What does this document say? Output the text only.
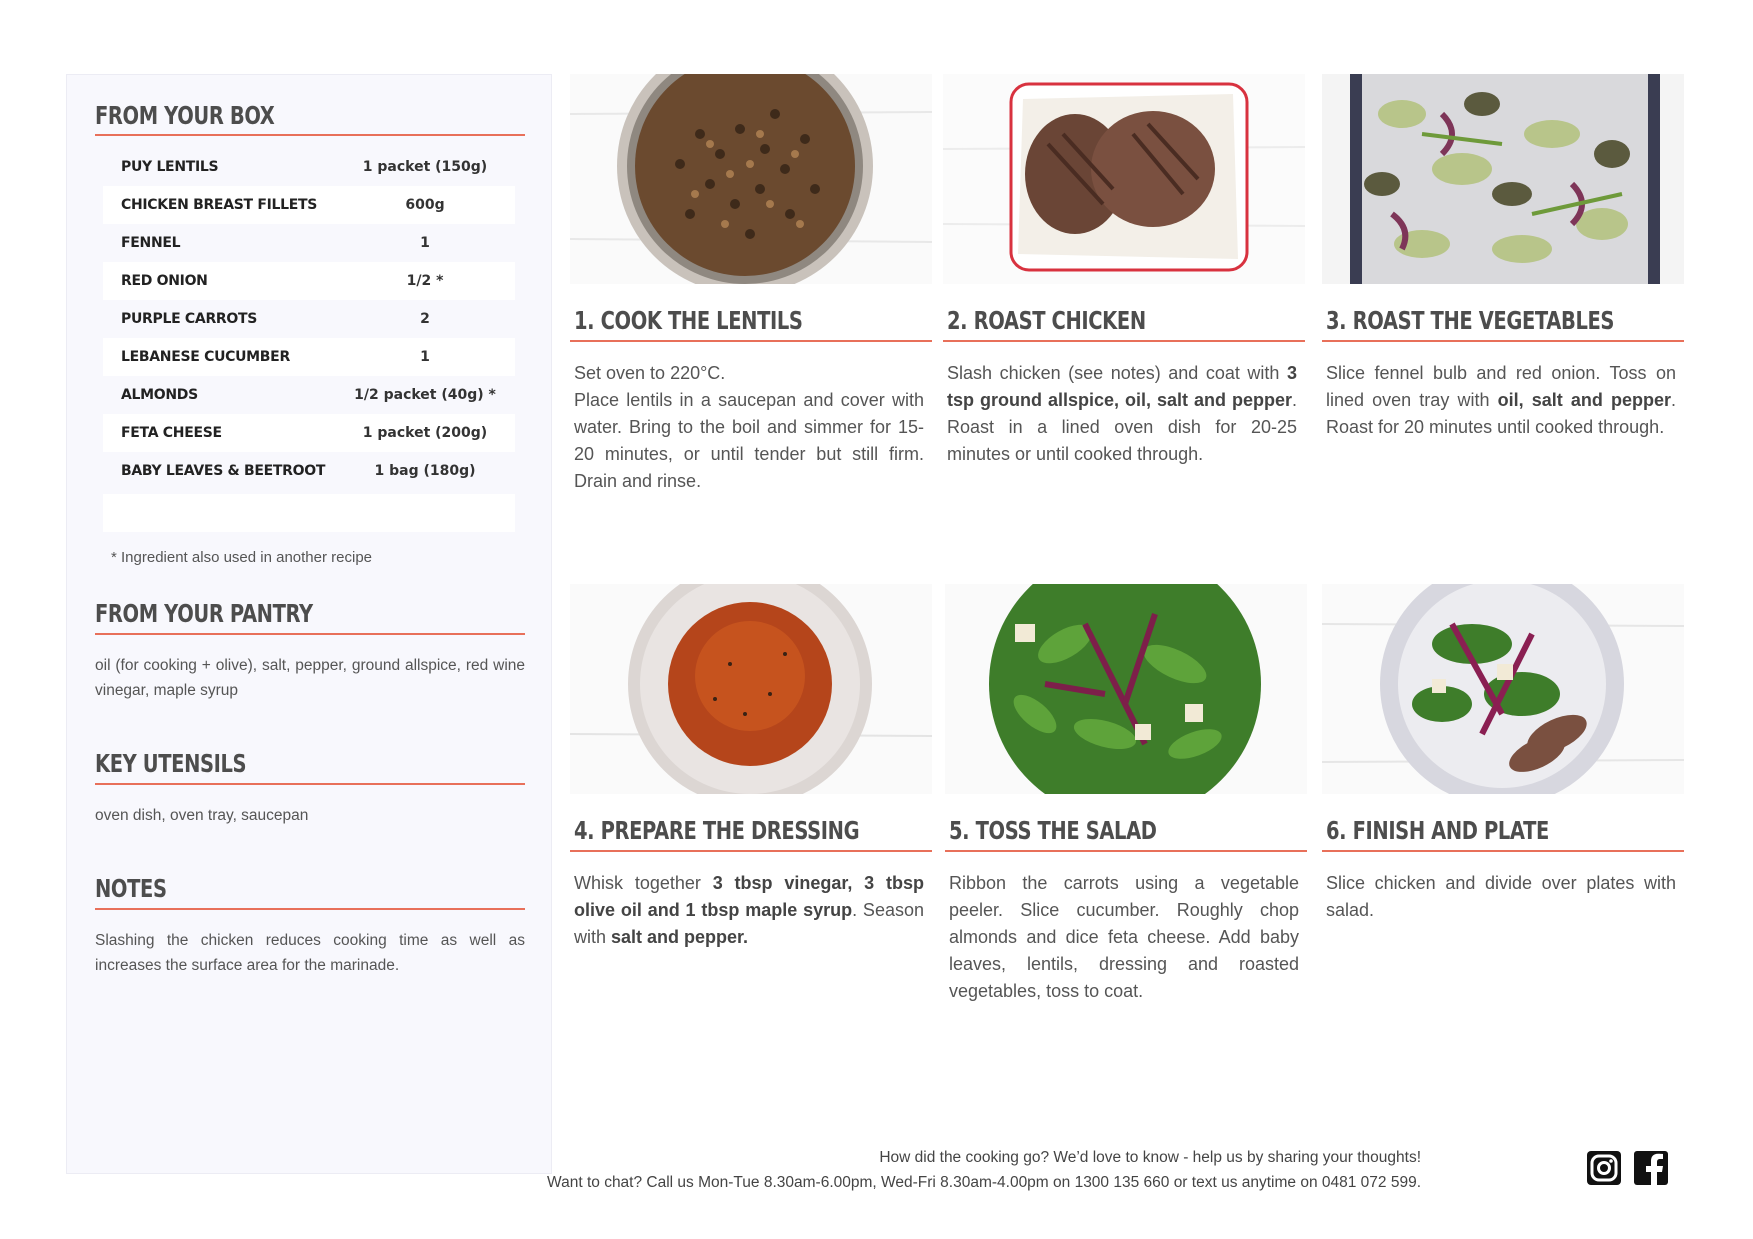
FROM YOUR BOX
PUY LENTILS	1 packet (150g)
CHICKEN BREAST FILLETS	600g
FENNEL	1
RED ONION	1/2 *
PURPLE CARROTS	2
LEBANESE CUCUMBER	1
ALMONDS	1/2 packet (40g) *
FETA CHEESE	1 packet (200g)
BABY LEAVES & BEETROOT	1 bag (180g)
* Ingredient also used in another recipe
FROM YOUR PANTRY
oil (for cooking + olive), salt, pepper, ground allspice, red wine vinegar, maple syrup
KEY UTENSILS
oven dish, oven tray, saucepan
NOTES
Slashing the chicken reduces cooking time as well as increases the surface area for the marinade.
1. COOK THE LENTILS
Set oven to 220°C.
Place lentils in a saucepan and cover with water. Bring to the boil and simmer for 15-20 minutes, or until tender but still firm. Drain and rinse.
2. ROAST CHICKEN
Slash chicken (see notes) and coat with 3 tsp ground allspice, oil, salt and pepper. Roast in a lined oven dish for 20-25 minutes or until cooked through.
3. ROAST THE VEGETABLES
Slice fennel bulb and red onion. Toss on lined oven tray with oil, salt and pepper. Roast for 20 minutes until cooked through.
4. PREPARE THE DRESSING
Whisk together 3 tbsp vinegar, 3 tbsp olive oil and 1 tbsp maple syrup. Season with salt and pepper.
5. TOSS THE SALAD
Ribbon the carrots using a vegetable peeler. Slice cucumber. Roughly chop almonds and dice feta cheese. Add baby leaves, lentils, dressing and roasted vegetables, toss to coat.
6. FINISH AND PLATE
Slice chicken and divide over plates with salad.
How did the cooking go? We’d love to know - help us by sharing your thoughts!
Want to chat? Call us Mon-Tue 8.30am-6.00pm, Wed-Fri 8.30am-4.00pm on 1300 135 660 or text us anytime on 0481 072 599.
